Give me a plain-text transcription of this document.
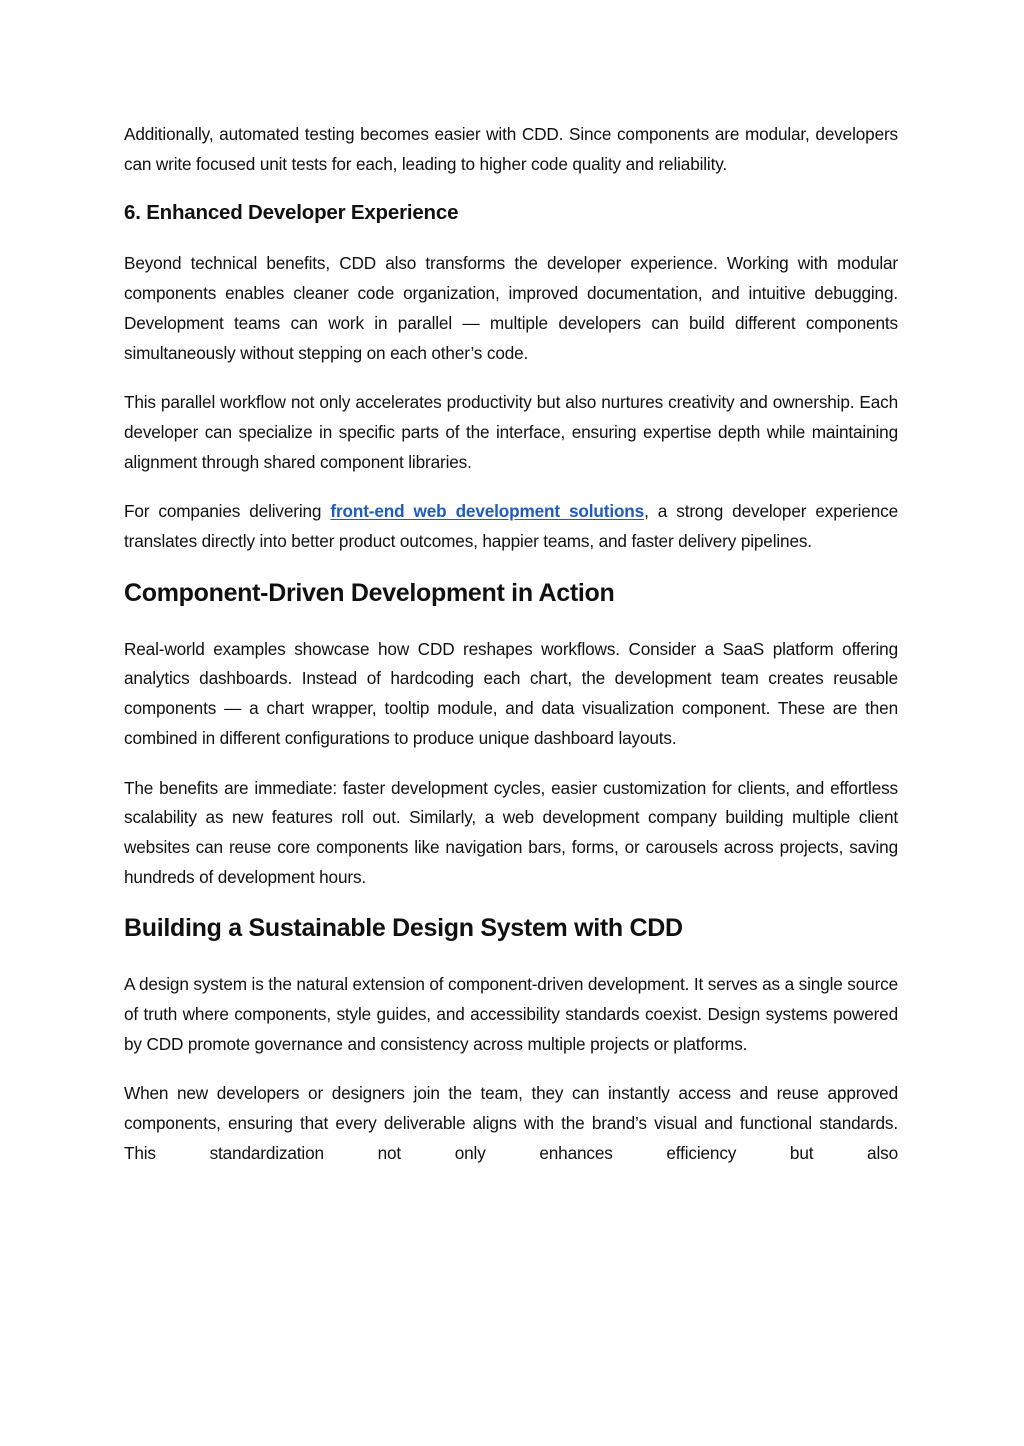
Additionally, automated testing becomes easier with CDD. Since components are modular, developers can write focused unit tests for each, leading to higher code quality and reliability.

6. Enhanced Developer Experience

Beyond technical benefits, CDD also transforms the developer experience. Working with modular components enables cleaner code organization, improved documentation, and intuitive debugging. Development teams can work in parallel — multiple developers can build different components simultaneously without stepping on each other’s code.

This parallel workflow not only accelerates productivity but also nurtures creativity and ownership. Each developer can specialize in specific parts of the interface, ensuring expertise depth while maintaining alignment through shared component libraries.

For companies delivering front-end web development solutions, a strong developer experience translates directly into better product outcomes, happier teams, and faster delivery pipelines.

Component-Driven Development in Action

Real-world examples showcase how CDD reshapes workflows. Consider a SaaS platform offering analytics dashboards. Instead of hardcoding each chart, the development team creates reusable components — a chart wrapper, tooltip module, and data visualization component. These are then combined in different configurations to produce unique dashboard layouts.

The benefits are immediate: faster development cycles, easier customization for clients, and effortless scalability as new features roll out. Similarly, a web development company building multiple client websites can reuse core components like navigation bars, forms, or carousels across projects, saving hundreds of development hours.

Building a Sustainable Design System with CDD

A design system is the natural extension of component-driven development. It serves as a single source of truth where components, style guides, and accessibility standards coexist. Design systems powered by CDD promote governance and consistency across multiple projects or platforms.

When new developers or designers join the team, they can instantly access and reuse approved components, ensuring that every deliverable aligns with the brand’s visual and functional standards. This standardization not only enhances efficiency but also
